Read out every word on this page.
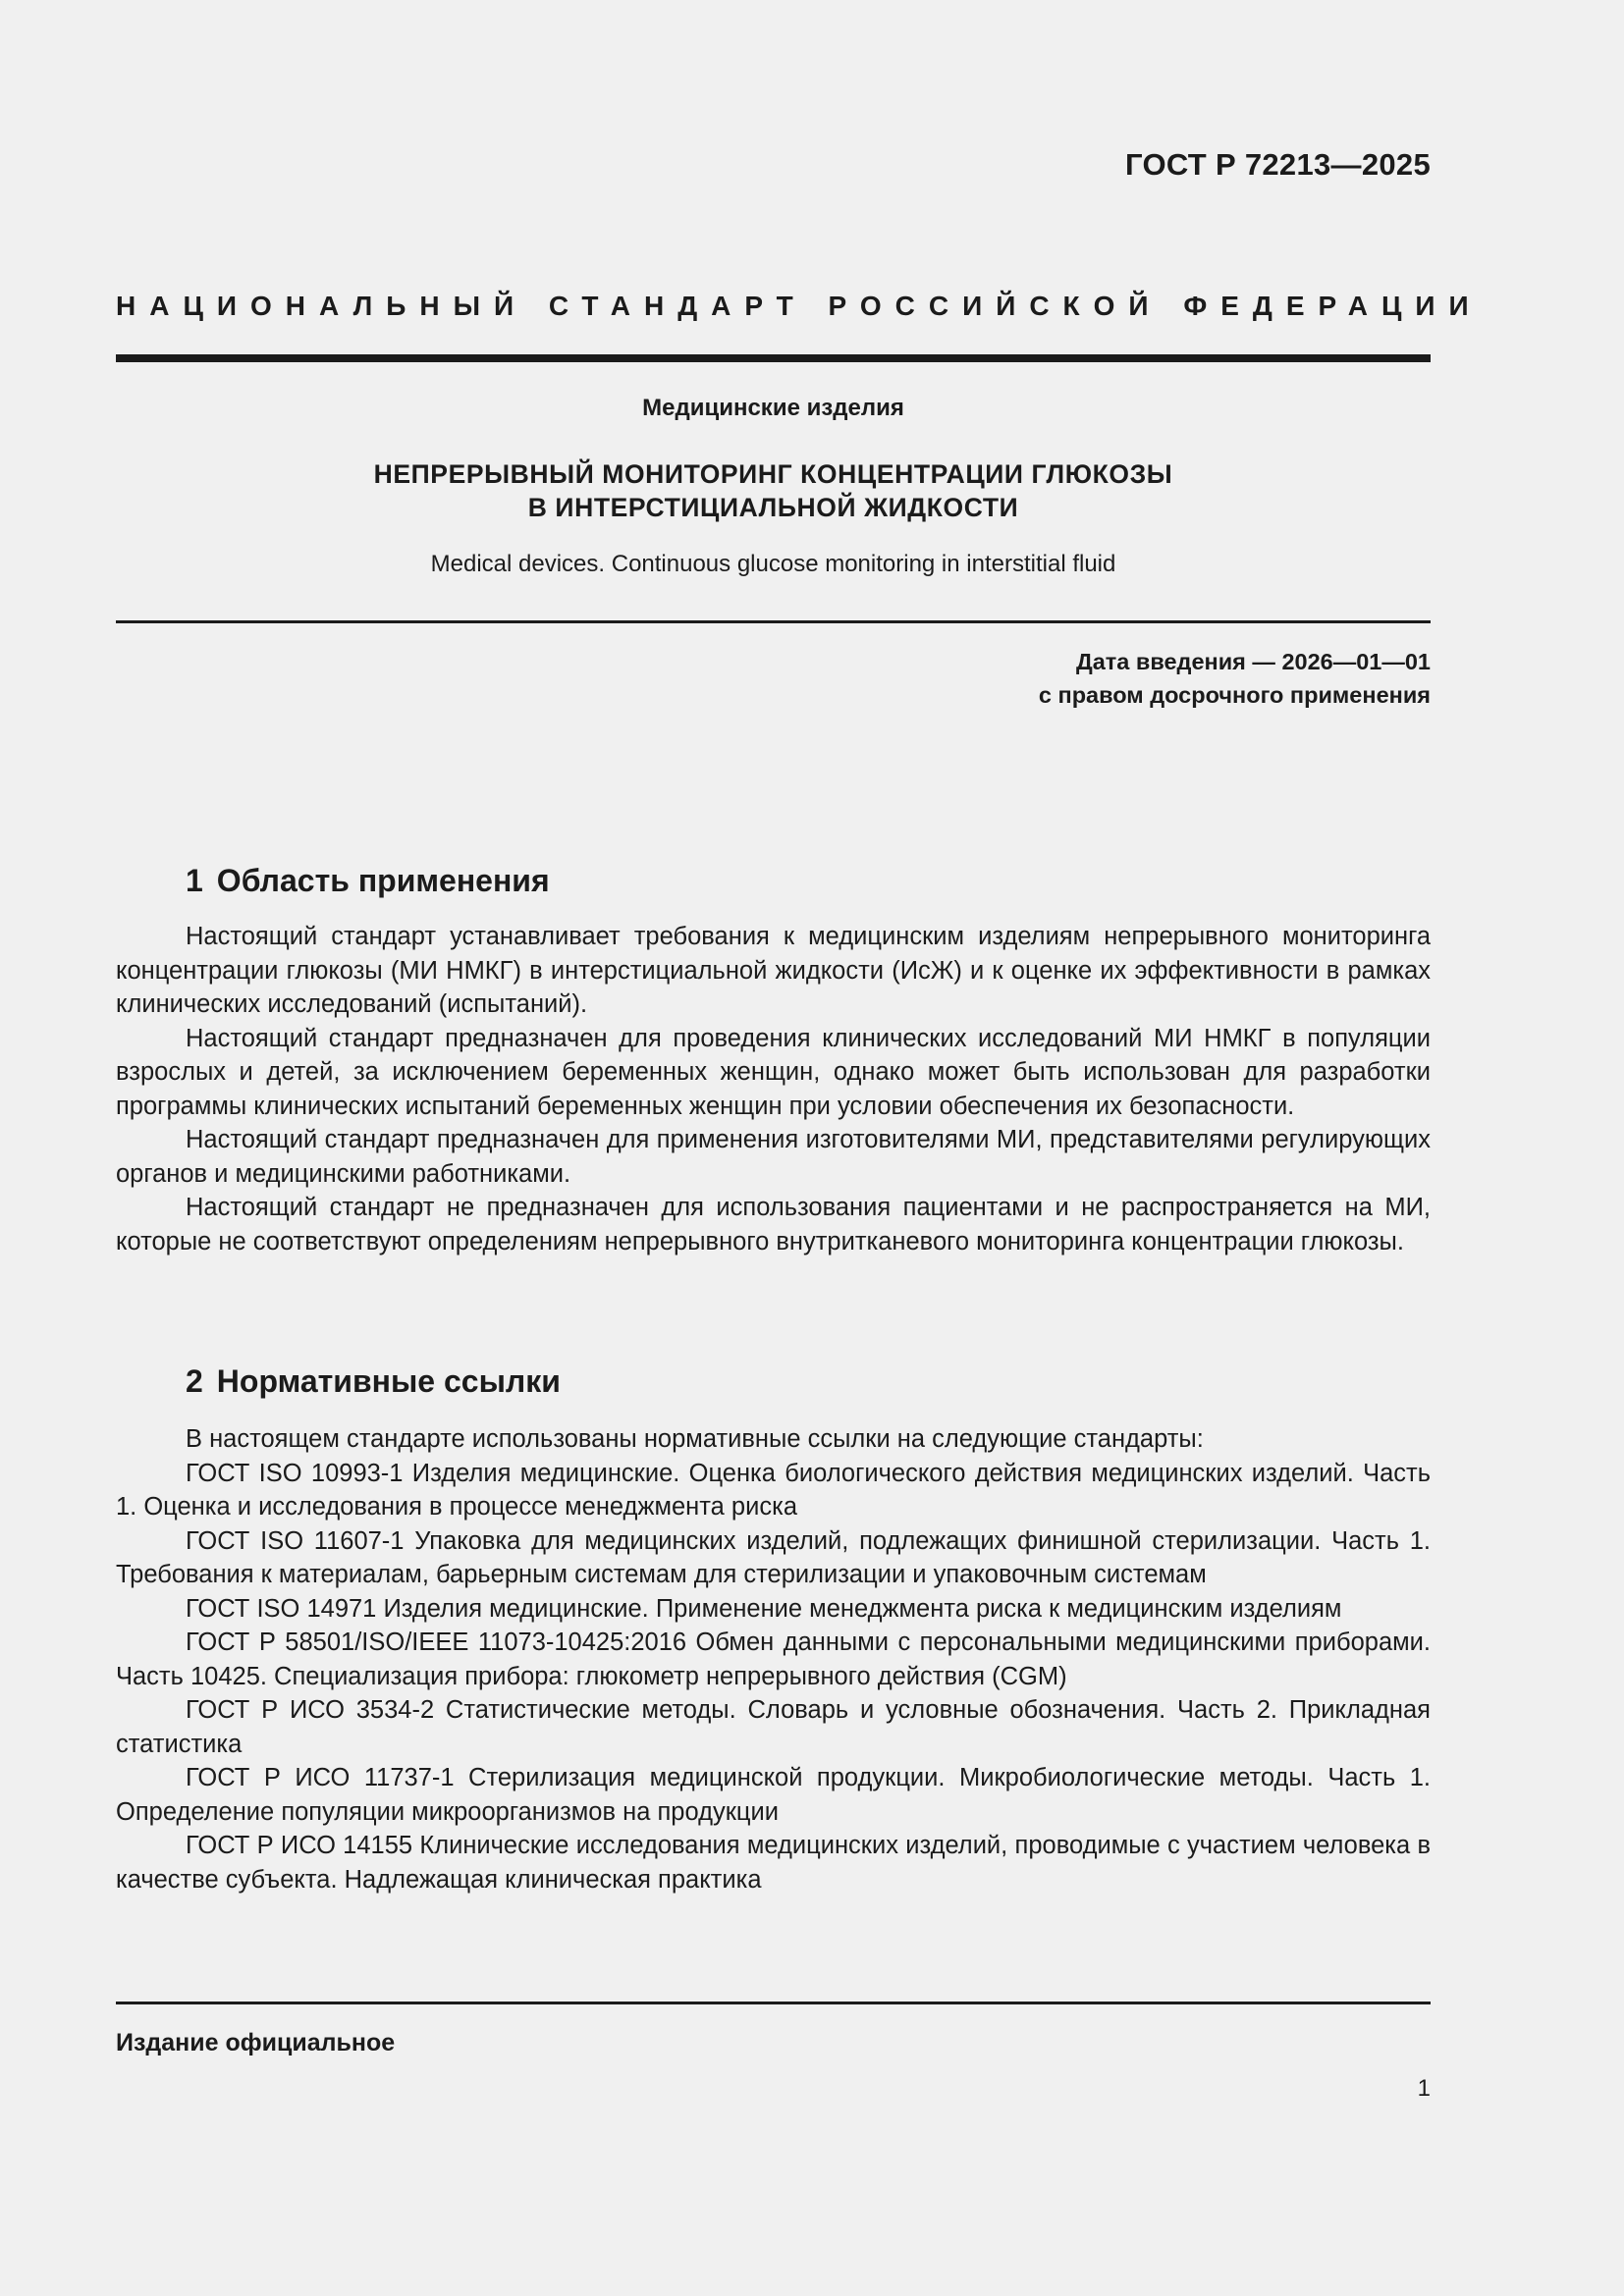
ГОСТ Р 72213—2025
НАЦИОНАЛЬНЫЙ СТАНДАРТ РОССИЙСКОЙ ФЕДЕРАЦИИ
Медицинские изделия
НЕПРЕРЫВНЫЙ МОНИТОРИНГ КОНЦЕНТРАЦИИ ГЛЮКОЗЫ
В ИНТЕРСТИЦИАЛЬНОЙ ЖИДКОСТИ
Medical devices. Continuous glucose monitoring in interstitial fluid
Дата введения — 2026—01—01
с правом досрочного применения
1 Область применения

Настоящий стандарт устанавливает требования к медицинским изделиям непрерывного мониторинга концентрации глюкозы (МИ НМКГ) в интерстициальной жидкости (ИсЖ) и к оценке их эффективности в рамках клинических исследований (испытаний).

Настоящий стандарт предназначен для проведения клинических исследований МИ НМКГ в популяции взрослых и детей, за исключением беременных женщин, однако может быть использован для разработки программы клинических испытаний беременных женщин при условии обеспечения их безопасности.

Настоящий стандарт предназначен для применения изготовителями МИ, представителями регулирующих органов и медицинскими работниками.

Настоящий стандарт не предназначен для использования пациентами и не распространяется на МИ, которые не соответствуют определениям непрерывного внутритканевого мониторинга концентрации глюкозы.

2 Нормативные ссылки

В настоящем стандарте использованы нормативные ссылки на следующие стандарты:

ГОСТ ISO 10993-1 Изделия медицинские. Оценка биологического действия медицинских изделий. Часть 1. Оценка и исследования в процессе менеджмента риска

ГОСТ ISO 11607-1 Упаковка для медицинских изделий, подлежащих финишной стерилизации. Часть 1. Требования к материалам, барьерным системам для стерилизации и упаковочным системам

ГОСТ ISO 14971 Изделия медицинские. Применение менеджмента риска к медицинским изделиям

ГОСТ Р 58501/ISO/IEEE 11073-10425:2016 Обмен данными с персональными медицинскими приборами. Часть 10425. Специализация прибора: глюкометр непрерывного действия (CGM)

ГОСТ Р ИСО 3534-2 Статистические методы. Словарь и условные обозначения. Часть 2. Прикладная статистика

ГОСТ Р ИСО 11737-1 Стерилизация медицинской продукции. Микробиологические методы. Часть 1. Определение популяции микроорганизмов на продукции

ГОСТ Р ИСО 14155 Клинические исследования медицинских изделий, проводимые с участием человека в качестве субъекта. Надлежащая клиническая практика

Издание официальное
1
